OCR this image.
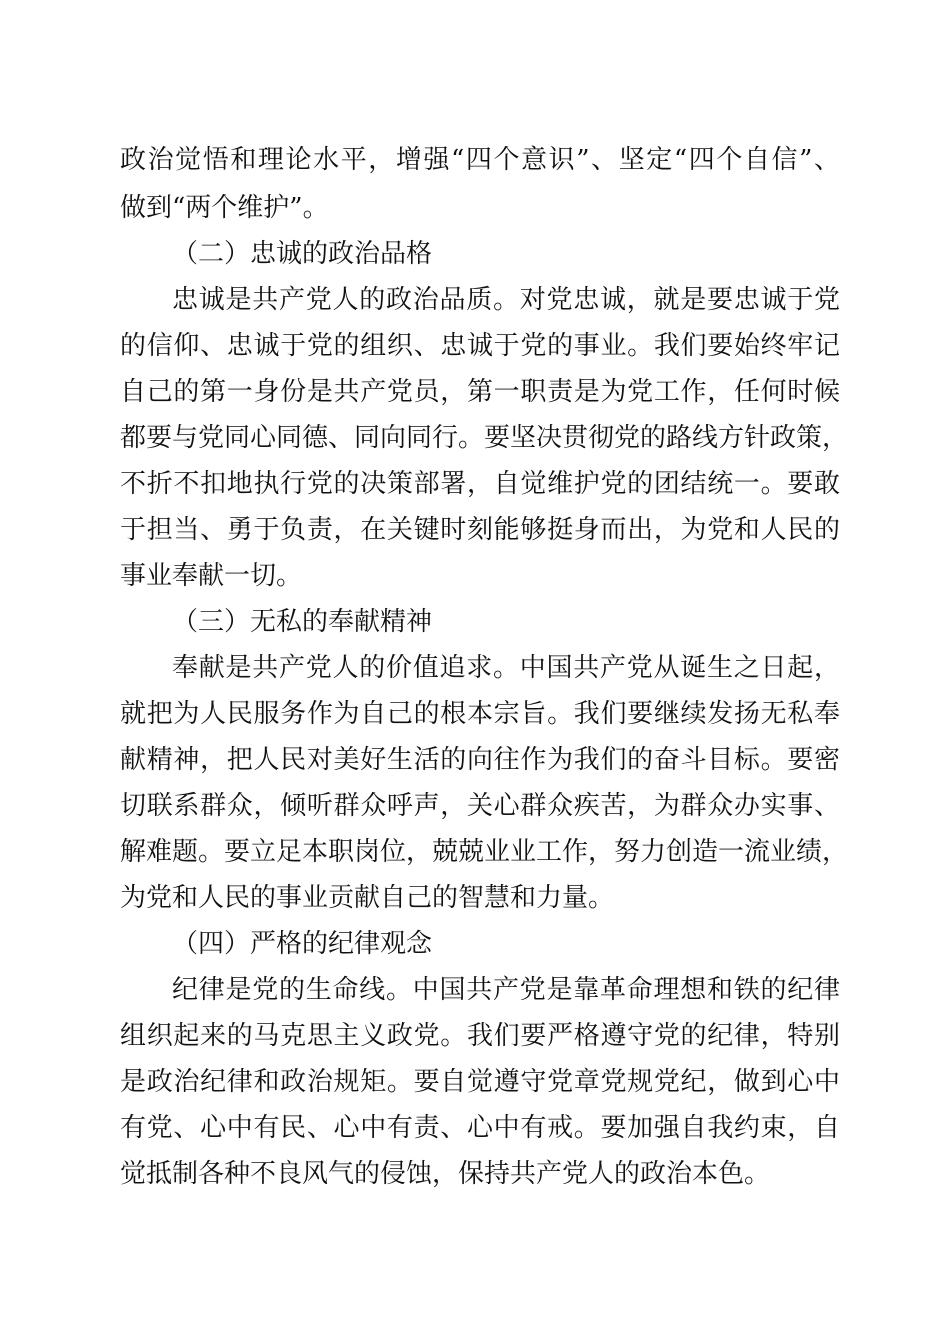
政治觉悟和理论水平，增强“四个意识”、坚定“四个自信”、
做到“两个维护”。
（二）忠诚的政治品格
忠诚是共产党人的政治品质。对党忠诚，就是要忠诚于党
的信仰、忠诚于党的组织、忠诚于党的事业。我们要始终牢记
自己的第一身份是共产党员，第一职责是为党工作，任何时候
都要与党同心同德、同向同行。要坚决贯彻党的路线方针政策，
不折不扣地执行党的决策部署，自觉维护党的团结统一。要敢
于担当、勇于负责，在关键时刻能够挺身而出，为党和人民的
事业奉献一切。
（三）无私的奉献精神
奉献是共产党人的价值追求。中国共产党从诞生之日起，
就把为人民服务作为自己的根本宗旨。我们要继续发扬无私奉
献精神，把人民对美好生活的向往作为我们的奋斗目标。要密
切联系群众，倾听群众呼声，关心群众疾苦，为群众办实事、
解难题。要立足本职岗位，兢兢业业工作，努力创造一流业绩，
为党和人民的事业贡献自己的智慧和力量。
（四）严格的纪律观念
纪律是党的生命线。中国共产党是靠革命理想和铁的纪律
组织起来的马克思主义政党。我们要严格遵守党的纪律，特别
是政治纪律和政治规矩。要自觉遵守党章党规党纪，做到心中
有党、心中有民、心中有责、心中有戒。要加强自我约束，自
觉抵制各种不良风气的侵蚀，保持共产党人的政治本色。
